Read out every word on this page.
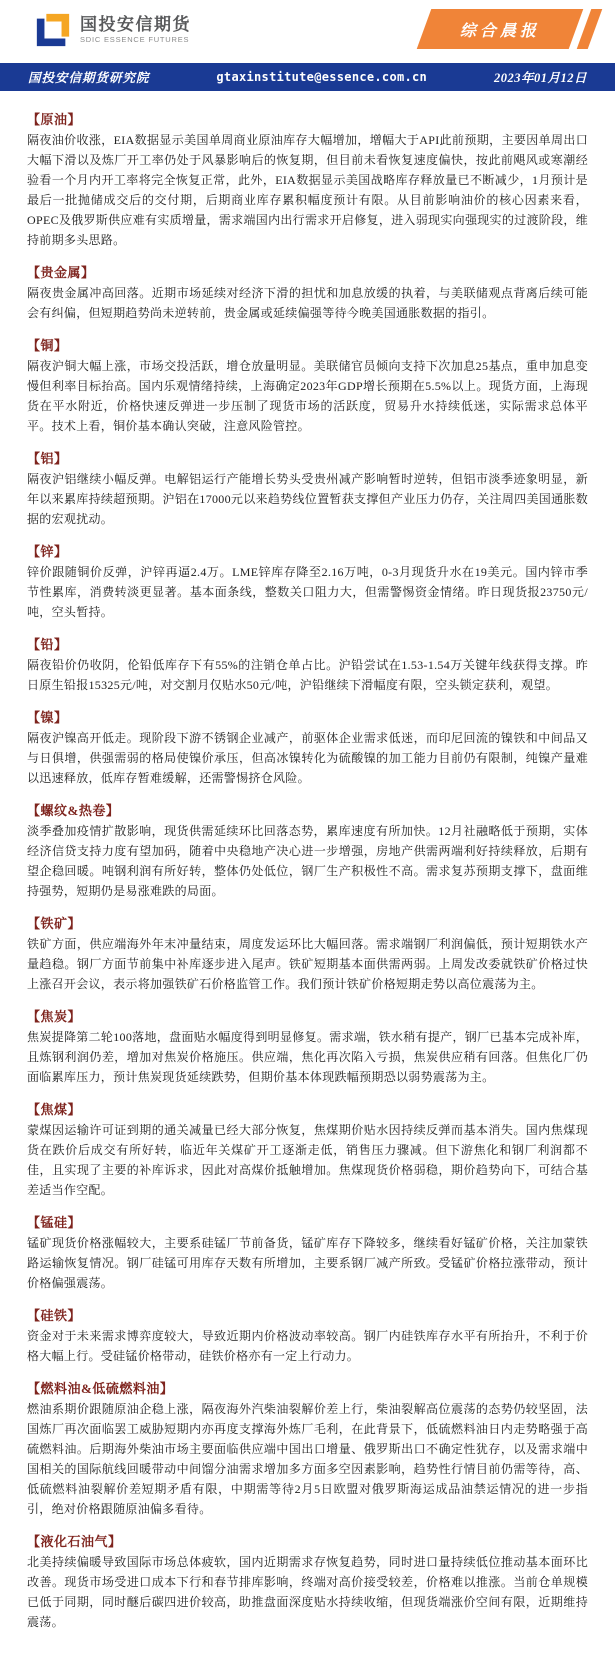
国投安信期货
SDIC ESSENCE FUTURES	综合晨报
国投安信期货研究院	gtaxinstitute@essence.com.cn	2023年01月12日
【原油】
隔夜油价收涨，EIA数据显示美国单周商业原油库存大幅增加，增幅大于API此前预期，主要因单周出口大幅下滑以及炼厂开工率仍处于风暴影响后的恢复期，但目前未看恢复速度偏快，按此前飓风或寒潮经验看一个月内开工率将完全恢复正常，此外，EIA数据显示美国战略库存释放量已不断减少，1月预计是最后一批抛储成交后的交付期，后期商业库存累积幅度预计有限。从目前影响油价的核心因素来看，OPEC及俄罗斯供应难有实质增量，需求端国内出行需求开启修复，进入弱现实向强现实的过渡阶段，维持前期多头思路。
【贵金属】
隔夜贵金属冲高回落。近期市场延续对经济下滑的担忧和加息放缓的执着，与美联储观点背离后续可能会有纠偏，但短期趋势尚未逆转前，贵金属或延续偏强等待今晚美国通胀数据的指引。
【铜】
隔夜沪铜大幅上涨，市场交投活跃，增仓放量明显。美联储官员倾向支持下次加息25基点，重申加息变慢但利率目标抬高。国内乐观情绪持续，上海确定2023年GDP增长预期在5.5%以上。现货方面，上海现货在平水附近，价格快速反弹进一步压制了现货市场的活跃度，贸易升水持续低迷，实际需求总体平平。技术上看，铜价基本确认突破，注意风险管控。
【铝】
隔夜沪铝继续小幅反弹。电解铝运行产能增长势头受贵州减产影响暂时逆转，但铝市淡季迹象明显，新年以来累库持续超预期。沪铝在17000元以来趋势线位置暂获支撑但产业压力仍存，关注周四美国通胀数据的宏观扰动。
【锌】
锌价跟随铜价反弹，沪锌再逼2.4万。LME锌库存降至2.16万吨，0-3月现货升水在19美元。国内锌市季节性累库，消费转淡更显著。基本面条线，整数关口阻力大，但需警惕资金情绪。昨日现货报23750元/吨，空头暂持。
【铅】
隔夜铅价仍收阴，伦铅低库存下有55%的注销仓单占比。沪铅尝试在1.53-1.54万关键年线获得支撑。昨日原生铅报15325元/吨，对交割月仅贴水50元/吨，沪铅继续下滑幅度有限，空头锁定获利，观望。
【镍】
隔夜沪镍高开低走。现阶段下游不锈钢企业减产，前驱体企业需求低迷，而印尼回流的镍铁和中间品又与日俱增，供强需弱的格局使镍价承压，但高冰镍转化为硫酸镍的加工能力目前仍有限制，纯镍产量难以迅速释放，低库存暂难缓解，还需警惕挤仓风险。
【螺纹&热卷】
淡季叠加疫情扩散影响，现货供需延续环比回落态势，累库速度有所加快。12月社融略低于预期，实体经济信贷支持力度有望加码，随着中央稳地产决心进一步增强，房地产供需两端利好持续释放，后期有望企稳回暖。吨钢利润有所好转，整体仍处低位，钢厂生产积极性不高。需求复苏预期支撑下，盘面维持强势，短期仍是易涨难跌的局面。
【铁矿】
铁矿方面，供应端海外年末冲量结束，周度发运环比大幅回落。需求端钢厂利润偏低，预计短期铁水产量趋稳。钢厂方面节前集中补库逐步进入尾声。铁矿短期基本面供需两弱。上周发改委就铁矿价格过快上涨召开会议，表示将加强铁矿石价格监管工作。我们预计铁矿价格短期走势以高位震荡为主。
【焦炭】
焦炭提降第二轮100落地，盘面贴水幅度得到明显修复。需求端，铁水稍有提产，钢厂已基本完成补库，且炼钢利润仍差，增加对焦炭价格施压。供应端，焦化再次陷入亏损，焦炭供应稍有回落。但焦化厂仍面临累库压力，预计焦炭现货延续跌势，但期价基本体现跌幅预期恐以弱势震荡为主。
【焦煤】
蒙煤因运输许可证到期的通关减量已经大部分恢复，焦煤期价贴水因持续反弹而基本消失。国内焦煤现货在跌价后成交有所好转，临近年关煤矿开工逐渐走低，销售压力骤减。但下游焦化和钢厂利润都不佳，且实现了主要的补库诉求，因此对高煤价抵触增加。焦煤现货价格弱稳，期价趋势向下，可结合基差适当作空配。
【锰硅】
锰矿现货价格涨幅较大，主要系硅锰厂节前备货，锰矿库存下降较多，继续看好锰矿价格，关注加蒙铁路运输恢复情况。钢厂硅锰可用库存天数有所增加，主要系钢厂减产所致。受锰矿价格拉涨带动，预计价格偏强震荡。
【硅铁】
资金对于未来需求博弈度较大，导致近期内价格波动率较高。钢厂内硅铁库存水平有所抬升，不利于价格大幅上行。受硅锰价格带动，硅铁价格亦有一定上行动力。
【燃料油&低硫燃料油】
燃油系期价跟随原油企稳上涨，隔夜海外汽柴油裂解价差上行，柴油裂解高位震荡的态势仍较坚固，法国炼厂再次面临罢工威胁短期内亦再度支撑海外炼厂毛利，在此背景下，低硫燃料油日内走势略强于高硫燃料油。后期海外柴油市场主要面临供应端中国出口增量、俄罗斯出口不确定性犹存，以及需求端中国相关的国际航线回暖带动中间馏分油需求增加多方面多空因素影响，趋势性行情目前仍需等待，高、低硫燃料油裂解价差短期矛盾有限，中期需等待2月5日欧盟对俄罗斯海运成品油禁运情况的进一步指引，绝对价格跟随原油偏多看待。
【液化石油气】
北美持续偏暖导致国际市场总体疲软，国内近期需求存恢复趋势，同时进口量持续低位推动基本面环比改善。现货市场受进口成本下行和春节排库影响，终端对高价接受较差，价格难以推涨。当前仓单规模已低于同期，同时醚后碳四进价较高，助推盘面深度贴水持续收缩，但现货端涨价空间有限，近期维持震荡。
